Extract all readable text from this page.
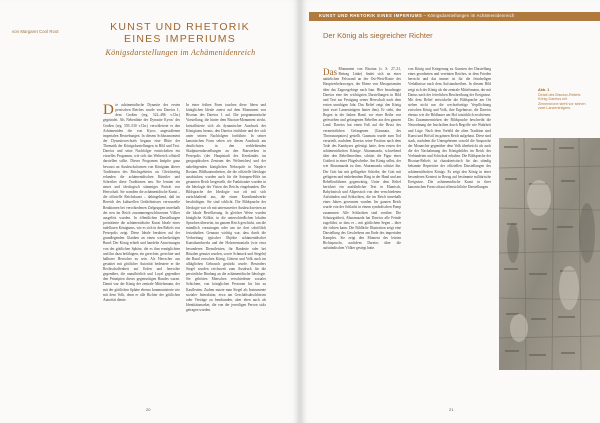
von Margaret Cool Root	KUNST UND RHETORIK EINES IMPERIUMS
Königsdarstellungen im Achämenidenreich
D ie achämenidische Dynastie des ersten persischen Reiches wurde von Dareios I., dem Großen (reg. 522–486 v.Chr.) gegründet. Als Nebenlinie der Dynastie Kyros' des Großen (reg. 559–530 v.Chr.) verschleierte er den Achämeniden die von Kyros angestoßenen imperialen Bestrebungen. In diesem Schlussmoment der Dynastiewechsels begann eine Blüte der Thematik der Königsdarstellungen in Bild und Text. Dareios und seine Nachfolger entwickelten ein visuelles Programm, wie sich das Weltreich offiziell darstellen sollte. Dieses Programm knüpfte ganz bewusst an Ausdrucksformen von Königtum älterer Traditionen des Reichsgebietes an. Gleichzeitig erfanden die achämenidischen Künstler und Schreiber diese Traditionen neu. Sie lernten ein neues und ideologisch stimmiges Porträt von Herrschaft. Sie wandten die achämenidische Kunst – die offizielle Reichskunst – dahingehend, daß im Bereich des kulturellen Gedächtnisses verwurzelte Reaktionen bei verschiedenen Zielgruppen innerhalb der neu im Reich zusammengeschlossenen Völker ausgelöst wurden. In öffentlichen Darstellungen porträtierte die achämenidische Kunst Ideale eines tadellosen Königtums, wie es sich in den Reliefs von Persepolis zeigt. Diese Ideale beruhten auf der grundlegenden Glauben an einen wechselseitigen Bund: Der König erhielt und handelte Anweisungen von der göttlichen Sphäre, die es ihm ermöglichten und ihn dazu befähigten, ein gerechter, gerechter und halbarer Herrscher zu sein. Als Herrscher aus gestattet mit göttlicher Autorität bedeutete er die Rechtschaffenheit auf Erden und herrschte gegenüber, die unaufhörlich und Loyal gegenüber den Prinzipien dieses gegenseitigen Bundes waren. Damit war der König der zentrale Mittelsmann, der mit der göttlichen Sphäre ebenso kommunizierte wie mit dem Volk, denn er alle Richter der göttlichen Autorität diente.
In einer frühen Form tauchen diese Ideen und königlichen Ideale zuerst auf dem Monument von Bisotun des Dareios I. auf. Die programmatische Vorstellung, die hinter dem Bisotun-Monument steckt, kristallisierte sich als dynamischer Ausdruck des Königtums heraus, den Dareios einführte und der sich unter seinen Nachfolgern fortführte. In seiner kanonischen Form sehen wir diesen Ausdruck am deutlichsten in den verbleibenden Skulpturendarstellungen an den Bauwerken in Persepolis (der Hauptstadt des Kernlandes im geographischen Zentrum des Weltreiches) und der naheliegenden königlichen Nekropole in Naqsh-e Rostam. Bildhauerarbeiten, die die offizielle Ideologie ausdrücken, wurden auch für die Satrapen-Höfe im gesamten Reich hergestellt, die Funktionäre wurden in die Ideologie der Vision des Reichs eingebunden. Die Bildsprache der Ideologie war oft mit sich zurückhaltend aus, die einen Kunsthandwerke beschäftigen. Sie sind schlicht. Die Bildsprache der Ideologie war oft mit untersaweiter Ausdruckweisen an die lokale Bevölkerung. In gleicher Weise wurden königliche Kölkte, in die unterschiedlichen lokalen Sprachen übersetzt, im ganzen Reich geschickt, um die mündlich vorzutragen oder um sie dort schriftlich festzuhalten. Genauso wichtig war, dass durch die Verbreitung typischer Objekte achämenidischer Kunsthandwerks und der Hofzeremonialis (wie etwa besonderen Dienstleisten, für Bankette oder bei Ritualen genutzt wurden, sowie Schmuck und Siegeln) der Bund zwischen König, Göttern und Volk auch im alltäglichen Gebrauch gestärkt wurde. Besonders Siegel wurden reichsweit zum Ausdruck für die persönliche Bindung an die achämenidische Ideologie. Sie gehörten Menschen verschiedener sozialer Schichten, von königlichen Personen bis hin zu Kaufleuten. Zudem nutzte man Siegel als Instrumente sozialer Interaktion, etwa am Geschäftsabschlüssen oder Verträge zu beurkunden, aber eben auch als Identitätsmarker, die von der jeweiligen Person stolz getragen wurden.
20
KUNST UND RHETORIK EINES IMPERIUMS – Königsdarstellungen im Achämenidenreich
Der König als siegreicher Richter
Das Monument von Bisotun (s. S. 27–31, Beitrag Linke) findet sich an einer natürlichen Felswand an der Ost-West-Route des Hauptverkehrsweges, der Ebene von Mesopotamien über das Zagrosgebirge nach Iran. Hier beauftragte Dareios eine der wichtigsten Darstellungen in Bild und Text zur Festigung seiner Herrschaft nach dem ersten unruhigen Jahr. Das Relief zeigt den König (mit zwei Lanzenträgern hinter ihm). Er steht, den Bogen in der linken Hand, vor einer Reihe von gefesselten und gefangenen Rebellen aus den ganzen Land. Dareios hat einen Fuß auf die Brust des vermeintlichen Gefangenen (Gaumata, des Thronusurpators) gestellt. Gaumata wurde zum Tod verurteilt, nachdem Dareios seine Position nach dem Tode des Kambyses gefestigt hatte, dem ersten der achämenidischen Könige. Ahuramazda, schwebend über den Rebellenreihen, schützt die Figur einer Gottheit in einer Flügelscheibe. Am König selbst, der wie Ahuramazda zu ihm. Ahuramazda schützt ihn. Der Gott hat mit geflügelter Scheibe, der Gott mit gefügtem und einhebendem Ring in der Hand und am Rebellenführern gegenwärtig. Unter dem Relief berichtet ein ausführlicher Text in Elamisch, Babylonisch und Altpersisch von den verschiedenen Aufständen und Schlachten, die im Reich innerhalb eines Jahres gewonnen wurden. Im ganzen Reich wurde von der Schlacht in einem symbolischen Pomp zusammen: Alle Schlachten sind vorüber. Die Schutzgottheit, Ahuramazda hat Dareios alle Feinde zugeführt, so dass er – mit göttlichem Segen – über die richten kann. Die Bildliche Illustration zeigt eine Darstellung des Geschehens am Ende des imperialen Kampfes. Sie zeigt den Moment des letzten Richtspruchs, nachdem Dareios über die aufständischen Völker gesiegt hatte.
von König und Kriegerung zu Gunsten der Darstellung eines geordneten und vereinten Reiches, in dem Frieden herrscht und das immer ist für die feindseligen Verhältnisse nach dem Aufstandsreiben. In diesem Bild zeigt sich der König als der zentrale Mittelsmann, der mit Darius nach der feierlichen Beschreibung der Ereignisse. Mit dem Relief entwickelte die Bildsprache am Ort stehen nicht nur die wechselseitige Verpflichtung zwischen König und Volk, ihre Ergebnisse, die Dareios ebenso wie die Bildhauer am Hof tatsächlich erschienen: Das Zusammenwirken der Bildsprache beschreibt die Neuordnung der Inschriften durch Begriffe wie Wahrheit und Lüge. Nach dem Vorbild der alten Tradition sind Kunst und Hofstil im ganzen Reich aufgebaut. Diese sind stark, nachdem die Untergebenen sowohl die Ansprache der Monarchie gegenüber dem Volk überbrückt als auch die der Nachahmung des Königsbildes im Reich des Verbündeten und Schicksal erhalten. Die Bildsprache der Bisotun-Reliefs ist charakteristisch für das ständig bekannte Repertoire der offiziellen Darstellungen des achämenidischen Königs. Es zeigt den König in einer besonderen Kontext in Bezug auf bestimmte militärische Ereignisse. Die achämenidische Kunst in ihrer kanonischen Form schaut offensichtliche Darstellungen
Abb. 1
Detail des Bisotun-Reliefs: König Dareios mit Zinnenkrone steht vor seinen zwei Lanzenträgern.
21
